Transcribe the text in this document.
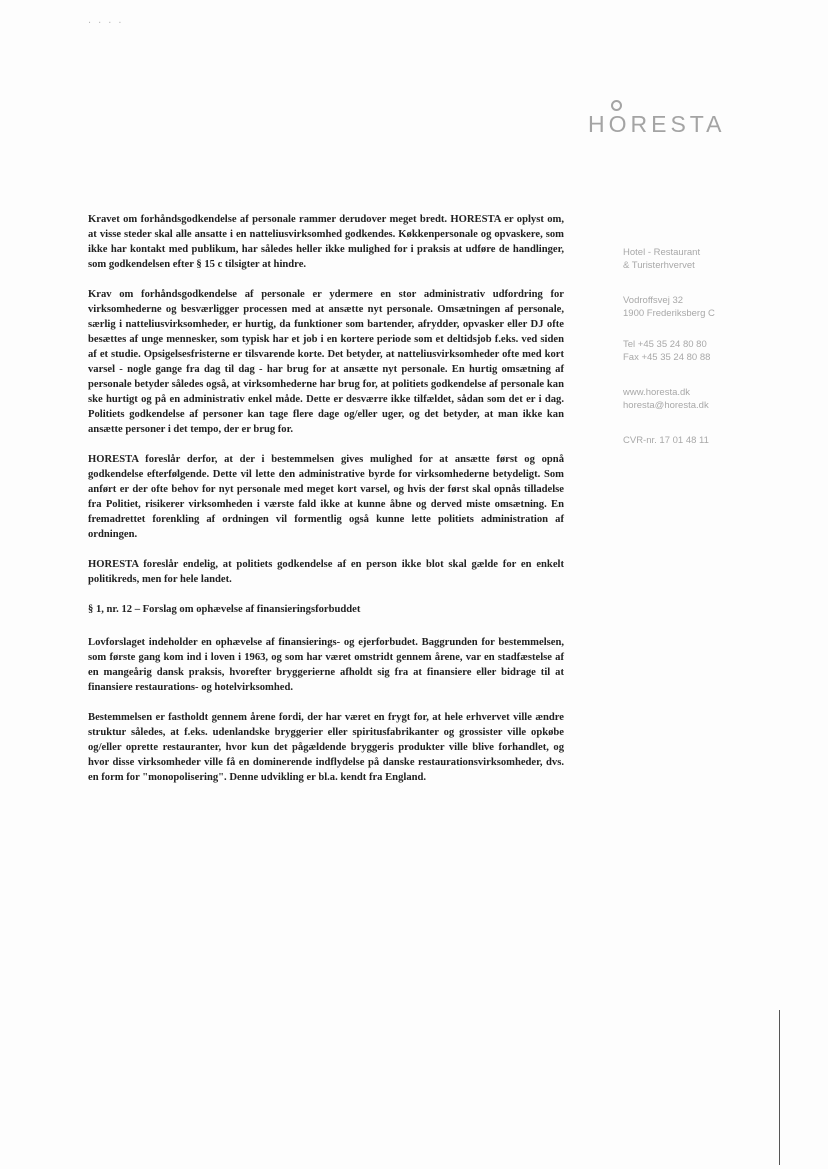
. . . .
HORESTA
Hotel - Restaurant
& Turisterhvervet
Vodroffsvej 32
1900 Frederiksberg C
Tel +45 35 24 80 80
Fax +45 35 24 80 88
www.horesta.dk
horesta@horesta.dk
CVR-nr. 17 01 48 11

Kravet om forhåndsgodkendelse af personale rammer derudover meget bredt. HORESTA er oplyst om, at visse steder skal alle ansatte i en natteliusvirksomhed godkendes. Køkkenpersonale og opvaskere, som ikke har kontakt med publikum, har således heller ikke mulighed for i praksis at udføre de handlinger, som godkendelsen efter § 15 c tilsigter at hindre.

Krav om forhåndsgodkendelse af personale er ydermere en stor administrativ udfordring for virksomhederne og besværligger processen med at ansætte nyt personale. Omsætningen af personale, særlig i natteliusvirksomheder, er hurtig, da funktioner som bartender, afrydder, opvasker eller DJ ofte besættes af unge mennesker, som typisk har et job i en kortere periode som et deltidsjob f.eks. ved siden af et studie. Opsigelsesfristerne er tilsvarende korte. Det betyder, at natteliusvirksomheder ofte med kort varsel - nogle gange fra dag til dag - har brug for at ansætte nyt personale. En hurtig omsætning af personale betyder således også, at virksomhederne har brug for, at politiets godkendelse af personale kan ske hurtigt og på en administrativ enkel måde. Dette er desværre ikke tilfældet, sådan som det er i dag. Politiets godkendelse af personer kan tage flere dage og/eller uger, og det betyder, at man ikke kan ansætte personer i det tempo, der er brug for.

HORESTA foreslår derfor, at der i bestemmelsen gives mulighed for at ansætte først og opnå godkendelse efterfølgende. Dette vil lette den administrative byrde for virksomhederne betydeligt. Som anført er der ofte behov for nyt personale med meget kort varsel, og hvis der først skal opnås tilladelse fra Politiet, risikerer virksomheden i værste fald ikke at kunne åbne og derved miste omsætning. En fremadrettet forenkling af ordningen vil formentlig også kunne lette politiets administration af ordningen.

HORESTA foreslår endelig, at politiets godkendelse af en person ikke blot skal gælde for en enkelt politikreds, men for hele landet.

§ 1, nr. 12 – Forslag om ophævelse af finansieringsforbuddet

Lovforslaget indeholder en ophævelse af finansierings- og ejerforbudet. Baggrunden for bestemmelsen, som første gang kom ind i loven i 1963, og som har været omstridt gennem årene, var en stadfæstelse af en mangeårig dansk praksis, hvorefter bryggerierne afholdt sig fra at finansiere eller bidrage til at finansiere restaurations- og hotelvirksomhed.

Bestemmelsen er fastholdt gennem årene fordi, der har været en frygt for, at hele erhvervet ville ændre struktur således, at f.eks. udenlandske bryggerier eller spiritusfabrikanter og grossister ville opkøbe og/eller oprette restauranter, hvor kun det pågældende bryggeris produkter ville blive forhandlet, og hvor disse virksomheder ville få en dominerende indflydelse på danske restaurationsvirksomheder, dvs. en form for "monopolisering". Denne udvikling er bl.a. kendt fra England.
